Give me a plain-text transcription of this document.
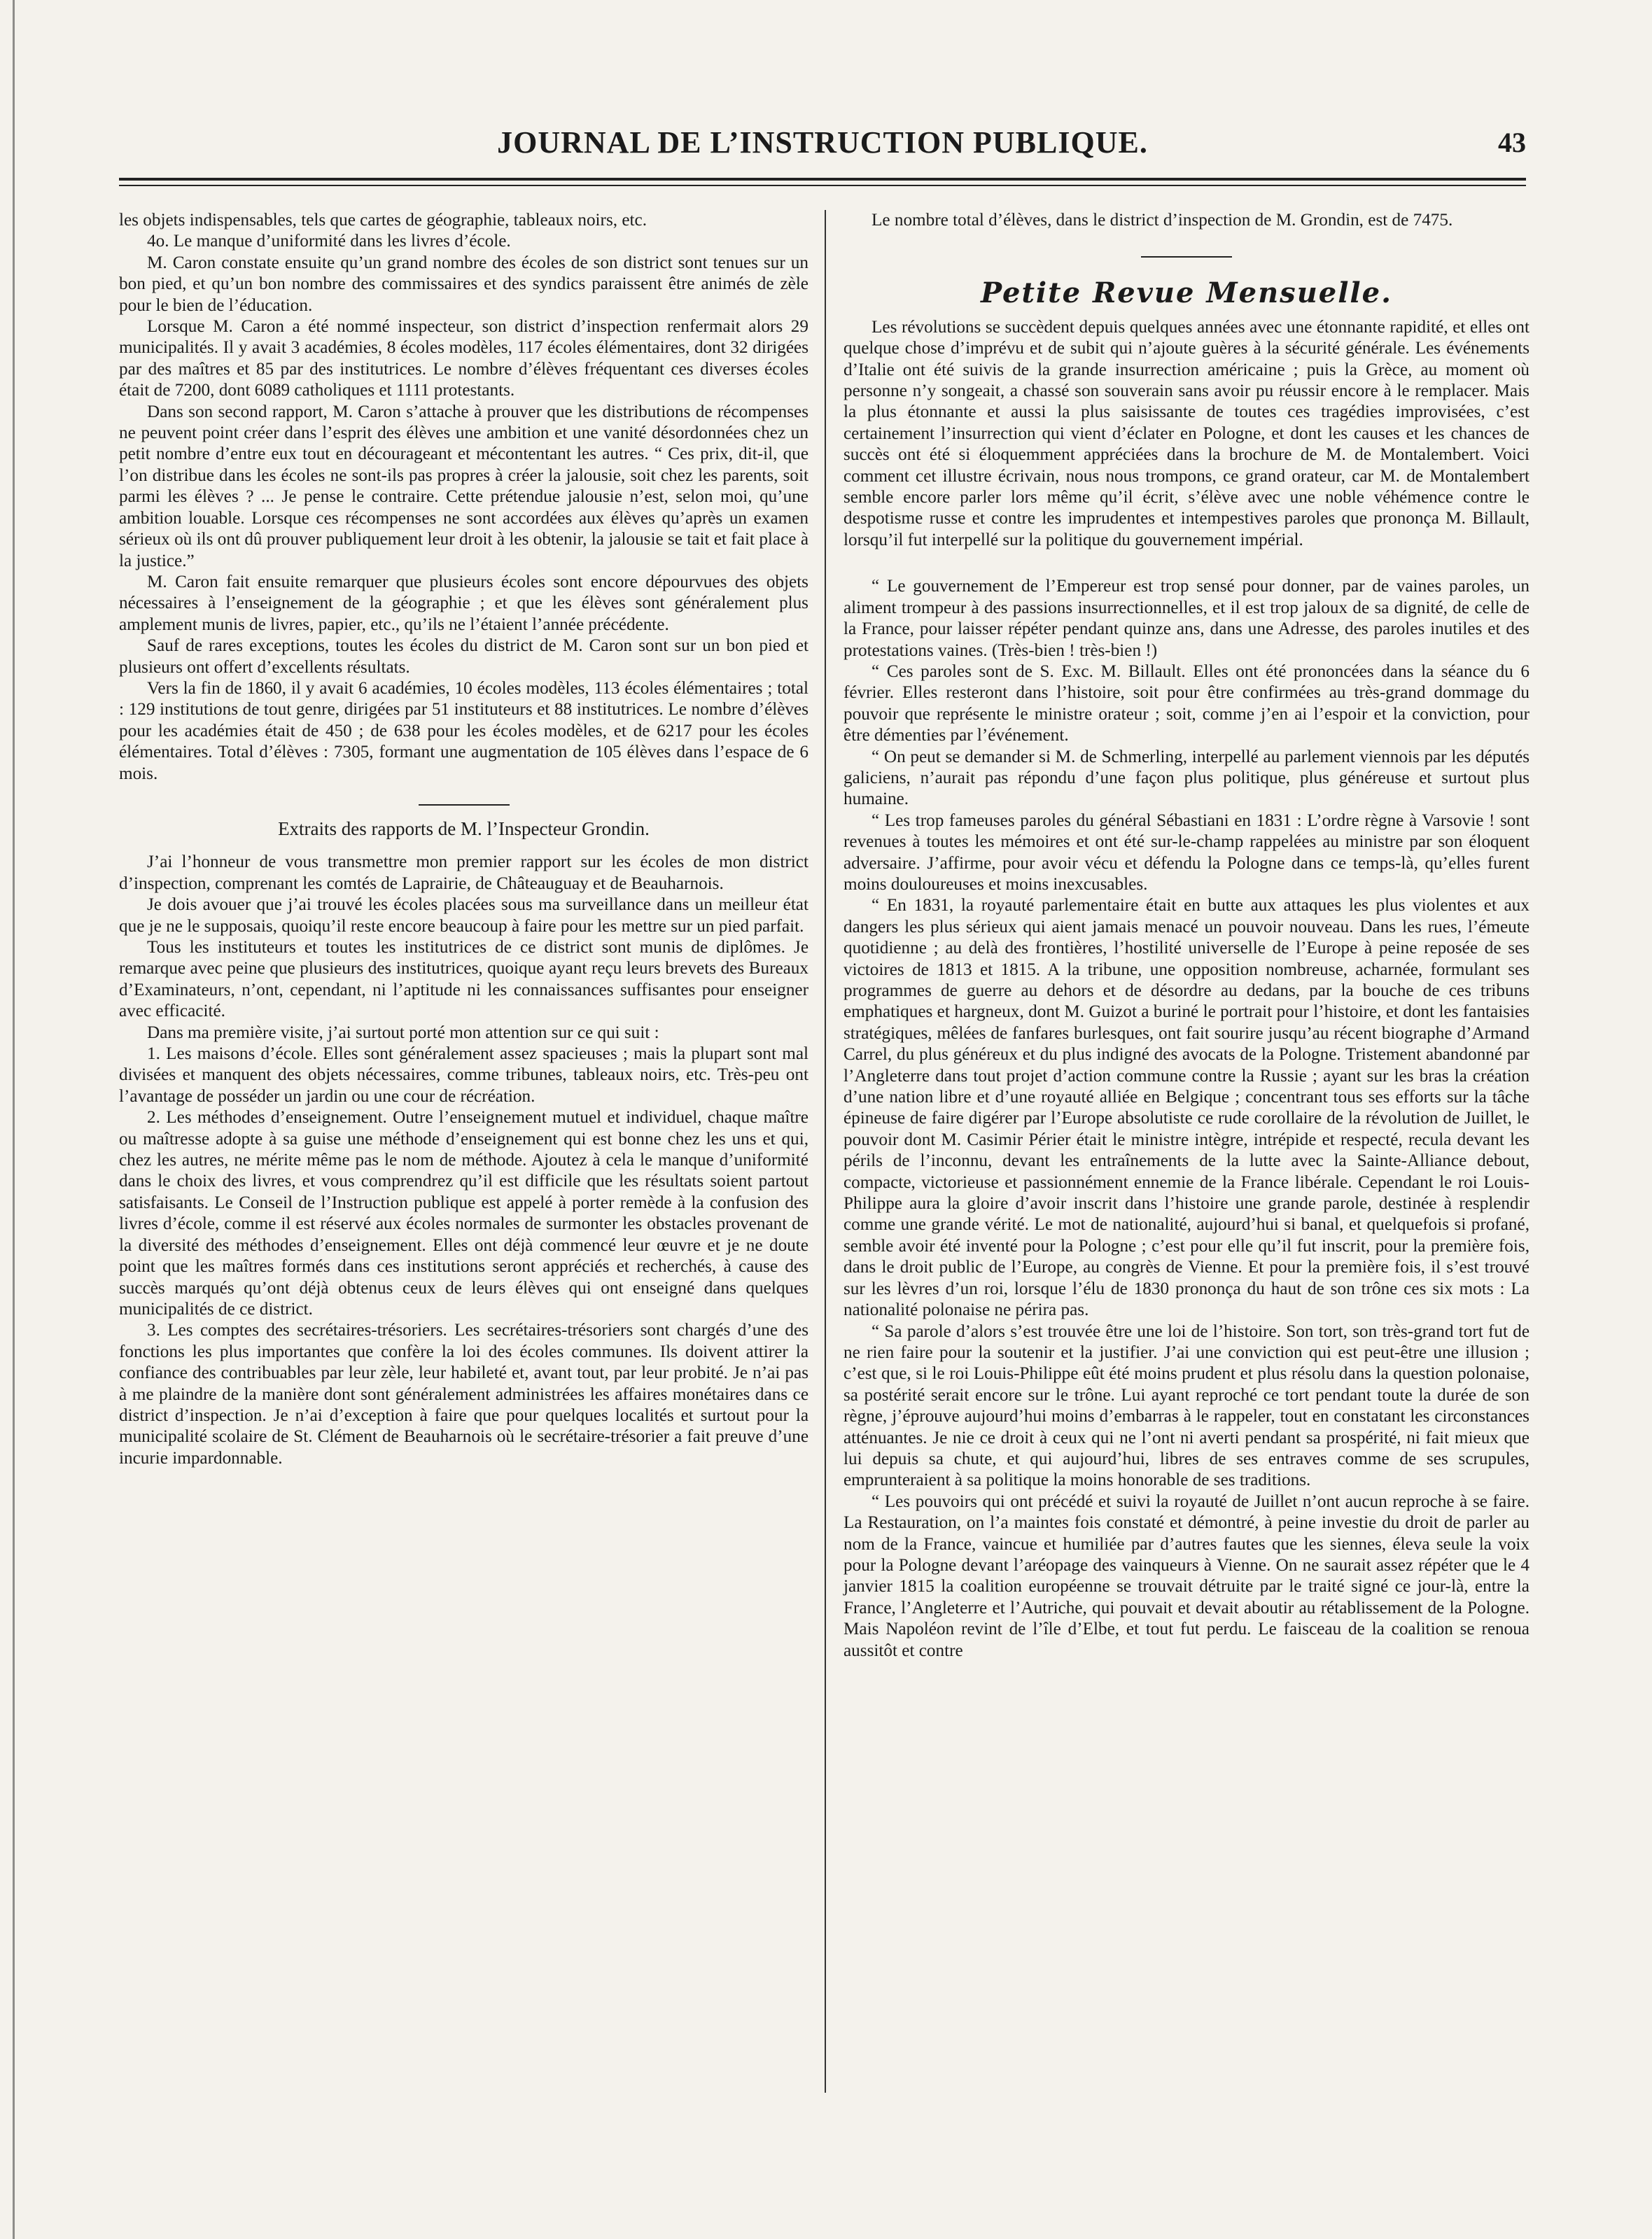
JOURNAL DE L’INSTRUCTION PUBLIQUE.	43

les objets indispensables, tels que cartes de géographie, tableaux noirs, etc.

4o. Le manque d’uniformité dans les livres d’école.

M. Caron constate ensuite qu’un grand nombre des écoles de son district sont tenues sur un bon pied, et qu’un bon nombre des commissaires et des syndics paraissent être animés de zèle pour le bien de l’éducation.

Lorsque M. Caron a été nommé inspecteur, son district d’inspection renfermait alors 29 municipalités. Il y avait 3 académies, 8 écoles modèles, 117 écoles élémentaires, dont 32 dirigées par des maîtres et 85 par des institutrices. Le nombre d’élèves fréquentant ces diverses écoles était de 7200, dont 6089 catholiques et 1111 protestants.

Dans son second rapport, M. Caron s’attache à prouver que les distributions de récompenses ne peuvent point créer dans l’esprit des élèves une ambition et une vanité désordonnées chez un petit nombre d’entre eux tout en décourageant et mécontentant les autres. “ Ces prix, dit-il, que l’on distribue dans les écoles ne sont-ils pas propres à créer la jalousie, soit chez les parents, soit parmi les élèves ? ... Je pense le contraire. Cette prétendue jalousie n’est, selon moi, qu’une ambition louable. Lorsque ces récompenses ne sont accordées aux élèves qu’après un examen sérieux où ils ont dû prouver publiquement leur droit à les obtenir, la jalousie se tait et fait place à la justice.”

M. Caron fait ensuite remarquer que plusieurs écoles sont encore dépourvues des objets nécessaires à l’enseignement de la géographie ; et que les élèves sont généralement plus amplement munis de livres, papier, etc., qu’ils ne l’étaient l’année précédente.

Sauf de rares exceptions, toutes les écoles du district de M. Caron sont sur un bon pied et plusieurs ont offert d’excellents résultats.

Vers la fin de 1860, il y avait 6 académies, 10 écoles modèles, 113 écoles élémentaires ; total : 129 institutions de tout genre, dirigées par 51 instituteurs et 88 institutrices. Le nombre d’élèves pour les académies était de 450 ; de 638 pour les écoles modèles, et de 6217 pour les écoles élémentaires. Total d’élèves : 7305, formant une augmentation de 105 élèves dans l’espace de 6 mois.

Extraits des rapports de M. l’Inspecteur Grondin.

J’ai l’honneur de vous transmettre mon premier rapport sur les écoles de mon district d’inspection, comprenant les comtés de Laprairie, de Châteauguay et de Beauharnois.

Je dois avouer que j’ai trouvé les écoles placées sous ma surveillance dans un meilleur état que je ne le supposais, quoiqu’il reste encore beaucoup à faire pour les mettre sur un pied parfait.

Tous les instituteurs et toutes les institutrices de ce district sont munis de diplômes. Je remarque avec peine que plusieurs des institutrices, quoique ayant reçu leurs brevets des Bureaux d’Examinateurs, n’ont, cependant, ni l’aptitude ni les connaissances suffisantes pour enseigner avec efficacité.

Dans ma première visite, j’ai surtout porté mon attention sur ce qui suit :

1. Les maisons d’école. Elles sont généralement assez spacieuses ; mais la plupart sont mal divisées et manquent des objets nécessaires, comme tribunes, tableaux noirs, etc. Très-peu ont l’avantage de posséder un jardin ou une cour de récréation.

2. Les méthodes d’enseignement. Outre l’enseignement mutuel et individuel, chaque maître ou maîtresse adopte à sa guise une méthode d’enseignement qui est bonne chez les uns et qui, chez les autres, ne mérite même pas le nom de méthode. Ajoutez à cela le manque d’uniformité dans le choix des livres, et vous comprendrez qu’il est difficile que les résultats soient partout satisfaisants. Le Conseil de l’Instruction publique est appelé à porter remède à la confusion des livres d’école, comme il est réservé aux écoles normales de surmonter les obstacles provenant de la diversité des méthodes d’enseignement. Elles ont déjà commencé leur œuvre et je ne doute point que les maîtres formés dans ces institutions seront appréciés et recherchés, à cause des succès marqués qu’ont déjà obtenus ceux de leurs élèves qui ont enseigné dans quelques municipalités de ce district.

3. Les comptes des secrétaires-trésoriers. Les secrétaires-trésoriers sont chargés d’une des fonctions les plus importantes que confère la loi des écoles communes. Ils doivent attirer la confiance des contribuables par leur zèle, leur habileté et, avant tout, par leur probité. Je n’ai pas à me plaindre de la manière dont sont généralement administrées les affaires monétaires dans ce district d’inspection. Je n’ai d’exception à faire que pour quelques localités et surtout pour la municipalité scolaire de St. Clément de Beauharnois où le secrétaire-trésorier a fait preuve d’une incurie impardonnable.

Le nombre total d’élèves, dans le district d’inspection de M. Grondin, est de 7475.

Petite Revue Mensuelle.

Les révolutions se succèdent depuis quelques années avec une étonnante rapidité, et elles ont quelque chose d’imprévu et de subit qui n’ajoute guères à la sécurité générale. Les événements d’Italie ont été suivis de la grande insurrection américaine ; puis la Grèce, au moment où personne n’y songeait, a chassé son souverain sans avoir pu réussir encore à le remplacer. Mais la plus étonnante et aussi la plus saisissante de toutes ces tragédies improvisées, c’est certainement l’insurrection qui vient d’éclater en Pologne, et dont les causes et les chances de succès ont été si éloquemment appréciées dans la brochure de M. de Montalembert. Voici comment cet illustre écrivain, nous nous trompons, ce grand orateur, car M. de Montalembert semble encore parler lors même qu’il écrit, s’élève avec une noble véhémence contre le despotisme russe et contre les imprudentes et intempestives paroles que prononça M. Billault, lorsqu’il fut interpellé sur la politique du gouvernement impérial.

“ Le gouvernement de l’Empereur est trop sensé pour donner, par de vaines paroles, un aliment trompeur à des passions insurrectionnelles, et il est trop jaloux de sa dignité, de celle de la France, pour laisser répéter pendant quinze ans, dans une Adresse, des paroles inutiles et des protestations vaines. (Très-bien ! très-bien !)

“ Ces paroles sont de S. Exc. M. Billault. Elles ont été prononcées dans la séance du 6 février. Elles resteront dans l’histoire, soit pour être confirmées au très-grand dommage du pouvoir que représente le ministre orateur ; soit, comme j’en ai l’espoir et la conviction, pour être démenties par l’événement.

“ On peut se demander si M. de Schmerling, interpellé au parlement viennois par les députés galiciens, n’aurait pas répondu d’une façon plus politique, plus généreuse et surtout plus humaine.

“ Les trop fameuses paroles du général Sébastiani en 1831 : L’ordre règne à Varsovie ! sont revenues à toutes les mémoires et ont été sur-le-champ rappelées au ministre par son éloquent adversaire. J’affirme, pour avoir vécu et défendu la Pologne dans ce temps-là, qu’elles furent moins douloureuses et moins inexcusables.

“ En 1831, la royauté parlementaire était en butte aux attaques les plus violentes et aux dangers les plus sérieux qui aient jamais menacé un pouvoir nouveau. Dans les rues, l’émeute quotidienne ; au delà des frontières, l’hostilité universelle de l’Europe à peine reposée de ses victoires de 1813 et 1815. A la tribune, une opposition nombreuse, acharnée, formulant ses programmes de guerre au dehors et de désordre au dedans, par la bouche de ces tribuns emphatiques et hargneux, dont M. Guizot a buriné le portrait pour l’histoire, et dont les fantaisies stratégiques, mêlées de fanfares burlesques, ont fait sourire jusqu’au récent biographe d’Armand Carrel, du plus généreux et du plus indigné des avocats de la Pologne. Tristement abandonné par l’Angleterre dans tout projet d’action commune contre la Russie ; ayant sur les bras la création d’une nation libre et d’une royauté alliée en Belgique ; concentrant tous ses efforts sur la tâche épineuse de faire digérer par l’Europe absolutiste ce rude corollaire de la révolution de Juillet, le pouvoir dont M. Casimir Périer était le ministre intègre, intrépide et respecté, recula devant les périls de l’inconnu, devant les entraînements de la lutte avec la Sainte-Alliance debout, compacte, victorieuse et passionnément ennemie de la France libérale. Cependant le roi Louis-Philippe aura la gloire d’avoir inscrit dans l’histoire une grande parole, destinée à resplendir comme une grande vérité. Le mot de nationalité, aujourd’hui si banal, et quelquefois si profané, semble avoir été inventé pour la Pologne ; c’est pour elle qu’il fut inscrit, pour la première fois, dans le droit public de l’Europe, au congrès de Vienne. Et pour la première fois, il s’est trouvé sur les lèvres d’un roi, lorsque l’élu de 1830 prononça du haut de son trône ces six mots : La nationalité polonaise ne périra pas.

“ Sa parole d’alors s’est trouvée être une loi de l’histoire. Son tort, son très-grand tort fut de ne rien faire pour la soutenir et la justifier. J’ai une conviction qui est peut-être une illusion ; c’est que, si le roi Louis-Philippe eût été moins prudent et plus résolu dans la question polonaise, sa postérité serait encore sur le trône. Lui ayant reproché ce tort pendant toute la durée de son règne, j’éprouve aujourd’hui moins d’embarras à le rappeler, tout en constatant les circonstances atténuantes. Je nie ce droit à ceux qui ne l’ont ni averti pendant sa prospérité, ni fait mieux que lui depuis sa chute, et qui aujourd’hui, libres de ses entraves comme de ses scrupules, emprunteraient à sa politique la moins honorable de ses traditions.

“ Les pouvoirs qui ont précédé et suivi la royauté de Juillet n’ont aucun reproche à se faire. La Restauration, on l’a maintes fois constaté et démontré, à peine investie du droit de parler au nom de la France, vaincue et humiliée par d’autres fautes que les siennes, éleva seule la voix pour la Pologne devant l’aréopage des vainqueurs à Vienne. On ne saurait assez répéter que le 4 janvier 1815 la coalition européenne se trouvait détruite par le traité signé ce jour-là, entre la France, l’Angleterre et l’Autriche, qui pouvait et devait aboutir au rétablissement de la Pologne. Mais Napoléon revint de l’île d’Elbe, et tout fut perdu. Le faisceau de la coalition se renoua aussitôt et contre
